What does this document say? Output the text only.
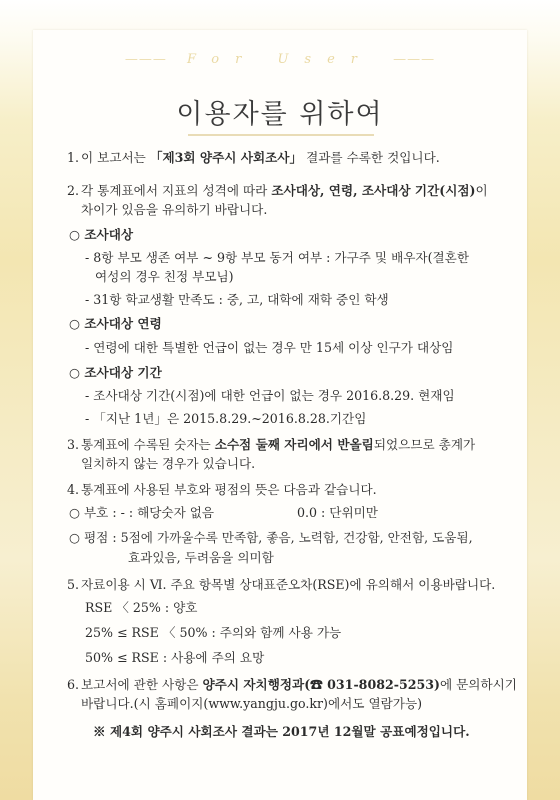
——— For User ———
이용자를 위하여
1. 이 보고서는 「제3회 양주시 사회조사」 결과를 수록한 것입니다.
2. 각 통계표에서 지표의 성격에 따라 조사대상, 연령, 조사대상 기간(시점)이
차이가 있음을 유의하기 바랍니다.
○ 조사대상
- 8항 부모 생존 여부 ~ 9항 부모 동거 여부 : 가구주 및 배우자(결혼한
여성의 경우 친정 부모님)
- 31항 학교생활 만족도 : 중, 고, 대학에 재학 중인 학생
○ 조사대상 연령
- 연령에 대한 특별한 언급이 없는 경우 만 15세 이상 인구가 대상임
○ 조사대상 기간
- 조사대상 기간(시점)에 대한 언급이 없는 경우 2016.8.29. 현재임
- 「지난 1년」은 2015.8.29.~2016.8.28.기간임
3. 통계표에 수록된 숫자는 소수점 둘째 자리에서 반올림되었으므로 총계가
일치하지 않는 경우가 있습니다.
4. 통계표에 사용된 부호와 평점의 뜻은 다음과 같습니다.
○ 부호 : - : 해당숫자 없음	0.0 : 단위미만
○ 평점 : 5점에 가까울수록 만족함, 좋음, 노력함, 건강함, 안전함, 도움됨,
효과있음, 두려움을 의미함
5. 자료이용 시 Ⅵ. 주요 항목별 상대표준오차(RSE)에 유의해서 이용바랍니다.
RSE 〈 25% : 양호
25% ≤ RSE 〈 50% : 주의와 함께 사용 가능
50% ≤ RSE : 사용에 주의 요망
6. 보고서에 관한 사항은 양주시 자치행정과(☎ 031-8082-5253)에 문의하시기
바랍니다.(시 홈페이지(www.yangju.go.kr)에서도 열람가능)
※ 제4회 양주시 사회조사 결과는 2017년 12월말 공표예정입니다.
